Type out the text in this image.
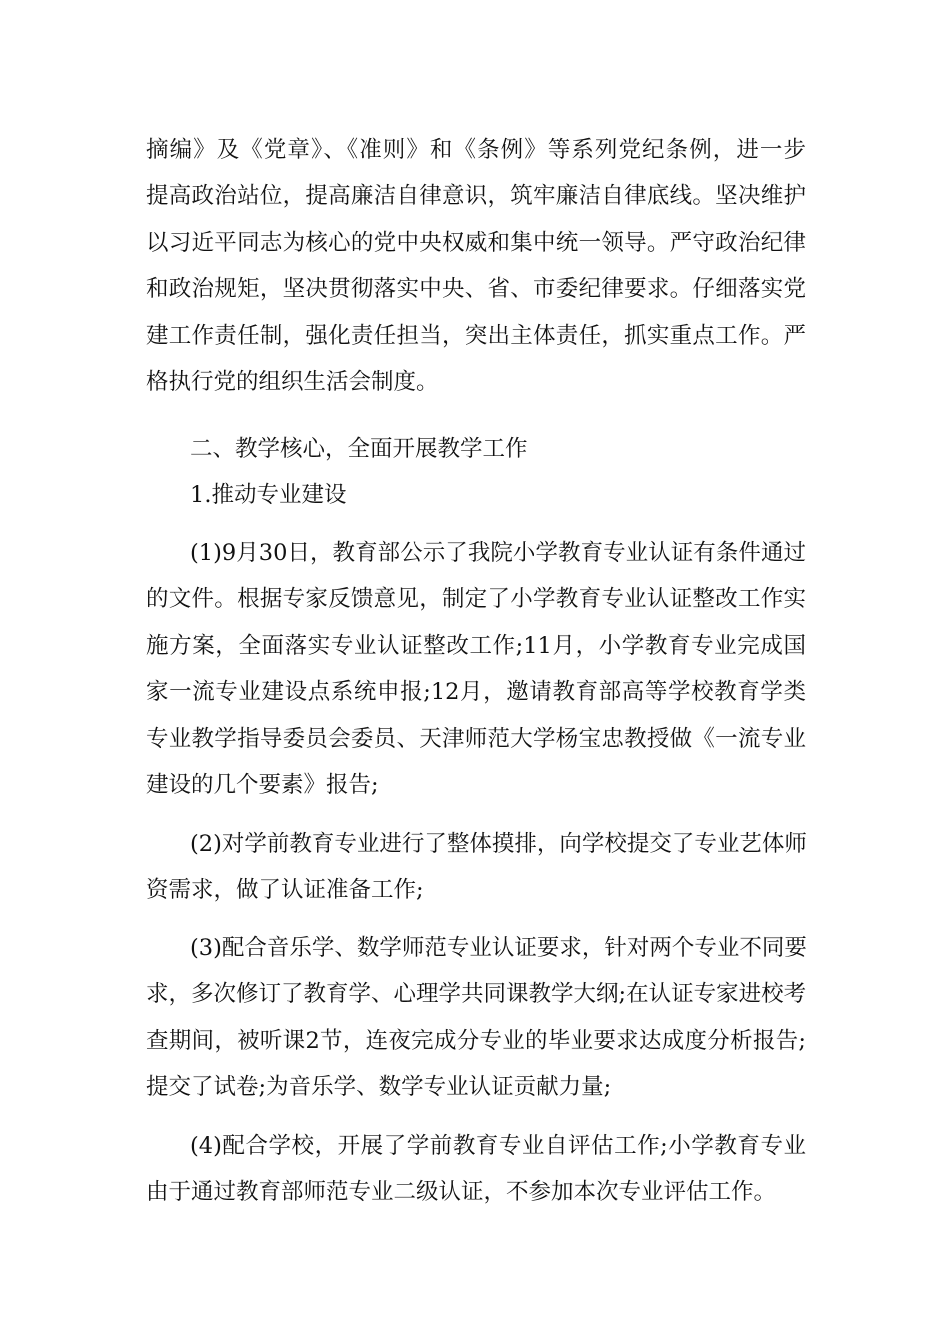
摘编》及《党章》、《准则》和《条例》等系列党纪条例，进一步
提高政治站位，提高廉洁自律意识，筑牢廉洁自律底线。坚决维护
以习近平同志为核心的党中央权威和集中统一领导。严守政治纪律
和政治规矩，坚决贯彻落实中央、省、市委纪律要求。仔细落实党
建工作责任制，强化责任担当，突出主体责任，抓实重点工作。严
格执行党的组织生活会制度。
二、教学核心，全面开展教学工作
1.推动专业建设
(1)9月30日，教育部公示了我院小学教育专业认证有条件通过
的文件。根据专家反馈意见，制定了小学教育专业认证整改工作实
施方案，全面落实专业认证整改工作;11月，小学教育专业完成国
家一流专业建设点系统申报;12月，邀请教育部高等学校教育学类
专业教学指导委员会委员、天津师范大学杨宝忠教授做《一流专业
建设的几个要素》报告;
(2)对学前教育专业进行了整体摸排，向学校提交了专业艺体师
资需求，做了认证准备工作;
(3)配合音乐学、数学师范专业认证要求，针对两个专业不同要
求，多次修订了教育学、心理学共同课教学大纲;在认证专家进校考
查期间，被听课2节，连夜完成分专业的毕业要求达成度分析报告;
提交了试卷;为音乐学、数学专业认证贡献力量;
(4)配合学校，开展了学前教育专业自评估工作;小学教育专业
由于通过教育部师范专业二级认证，不参加本次专业评估工作。
